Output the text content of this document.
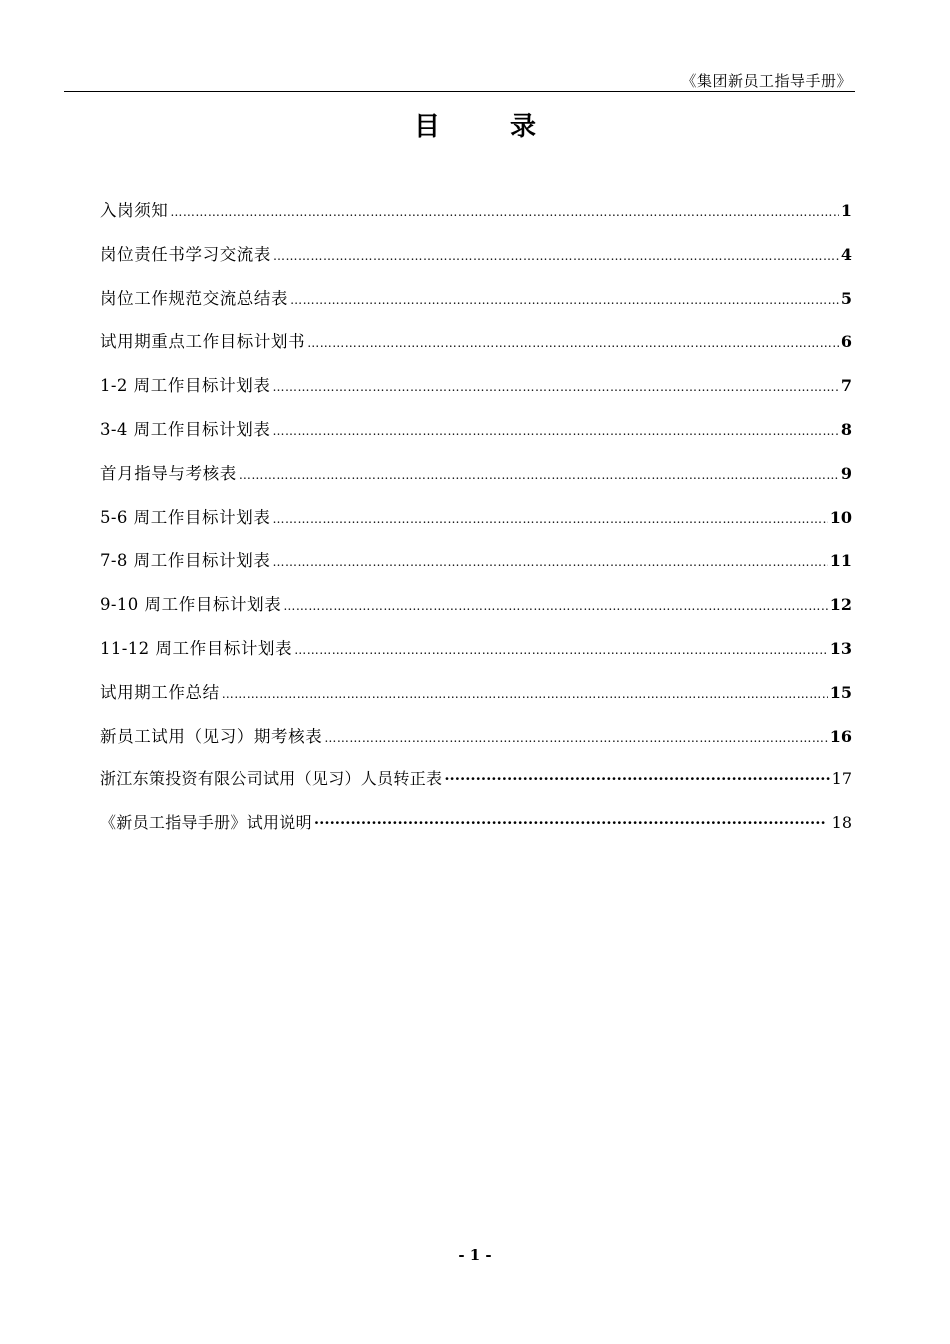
《集团新员工指导手册》
目	录
入岗须知 …………………………………………………………………………………………………………………………………………………………………………	1
岗位责任书学习交流表 …………………………………………………………………………………………………………………………………………………………………………	4
岗位工作规范交流总结表 …………………………………………………………………………………………………………………………………………………………………………	5
试用期重点工作目标计划书 …………………………………………………………………………………………………………………………………………………………………………	6
1-2 周工作目标计划表 …………………………………………………………………………………………………………………………………………………………………………	7
3-4 周工作目标计划表 …………………………………………………………………………………………………………………………………………………………………………	8
首月指导与考核表 …………………………………………………………………………………………………………………………………………………………………………	9
5-6 周工作目标计划表 …………………………………………………………………………………………………………………………………………………………………………	10
7-8 周工作目标计划表 …………………………………………………………………………………………………………………………………………………………………………	11
9-10 周工作目标计划表 …………………………………………………………………………………………………………………………………………………………………………	12
11-12 周工作目标计划表 …………………………………………………………………………………………………………………………………………………………………………	13
试用期工作总结 …………………………………………………………………………………………………………………………………………………………………………	15
新员工试用（见习）期考核表 …………………………………………………………………………………………………………………………………………………………………………	16
浙江东策投资有限公司试用（见习）人员转正表 ·····	17
《新员工指导手册》试用说明 ·····	18
- 1 -
